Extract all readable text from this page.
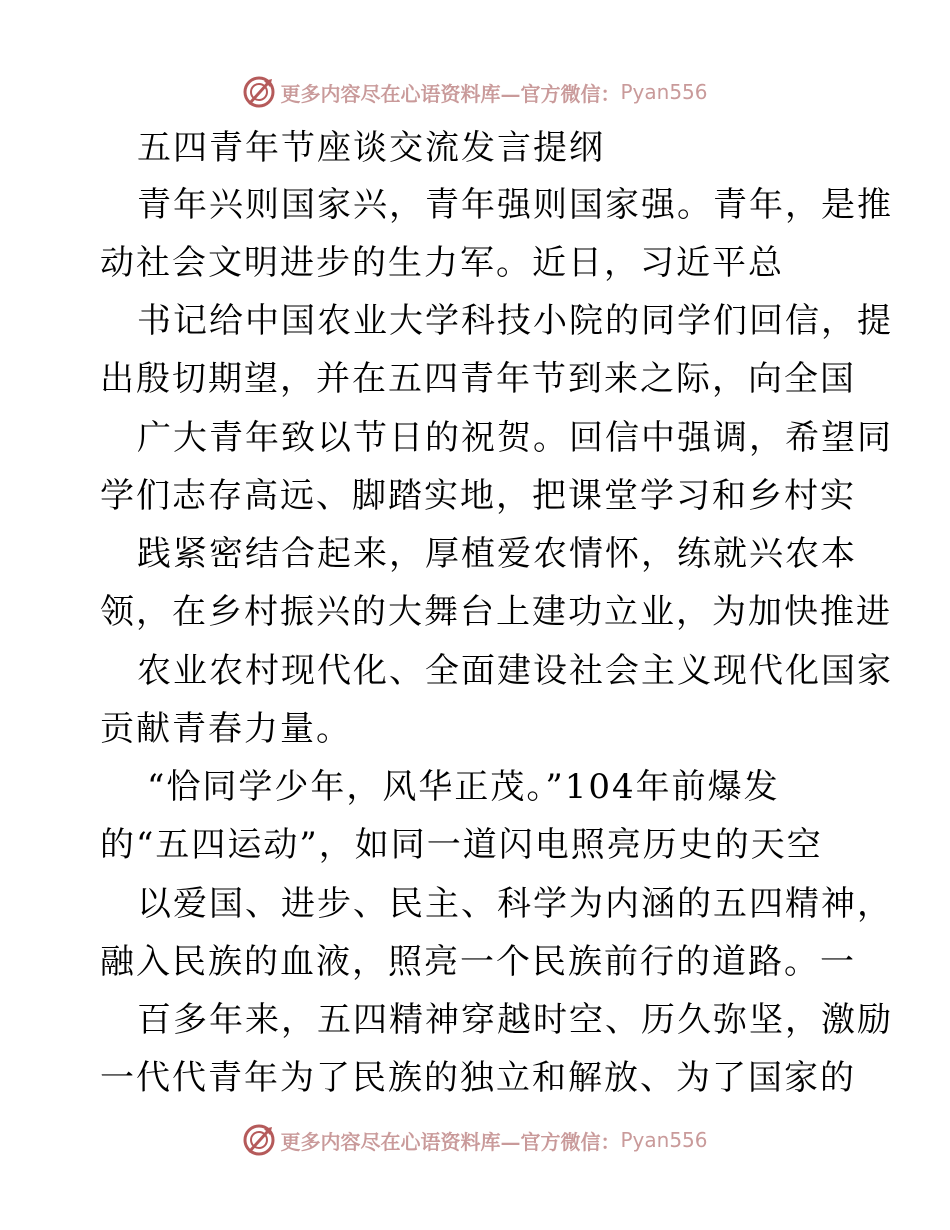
更多内容尽在心语资料库—官方微信： Pyan556
五四青年节座谈交流发言提纲
青年兴则国家兴，青年强则国家强。青年，是推
动社会文明进步的生力军。近日，习近平总
书记给中国农业大学科技小院的同学们回信，提
出殷切期望，并在五四青年节到来之际，向全国
广大青年致以节日的祝贺。回信中强调，希望同
学们志存高远、脚踏实地，把课堂学习和乡村实
践紧密结合起来，厚植爱农情怀，练就兴农本
领，在乡村振兴的大舞台上建功立业，为加快推进
农业农村现代化、全面建设社会主义现代化国家
贡献青春力量。
“恰同学少年，风华正茂。”104年前爆发
的“五四运动”，如同一道闪电照亮历史的天空
以爱国、进步、民主、科学为内涵的五四精神，
融入民族的血液，照亮一个民族前行的道路。一
百多年来，五四精神穿越时空、历久弥坚，激励
一代代青年为了民族的独立和解放、为了国家的
更多内容尽在心语资料库—官方微信： Pyan556
